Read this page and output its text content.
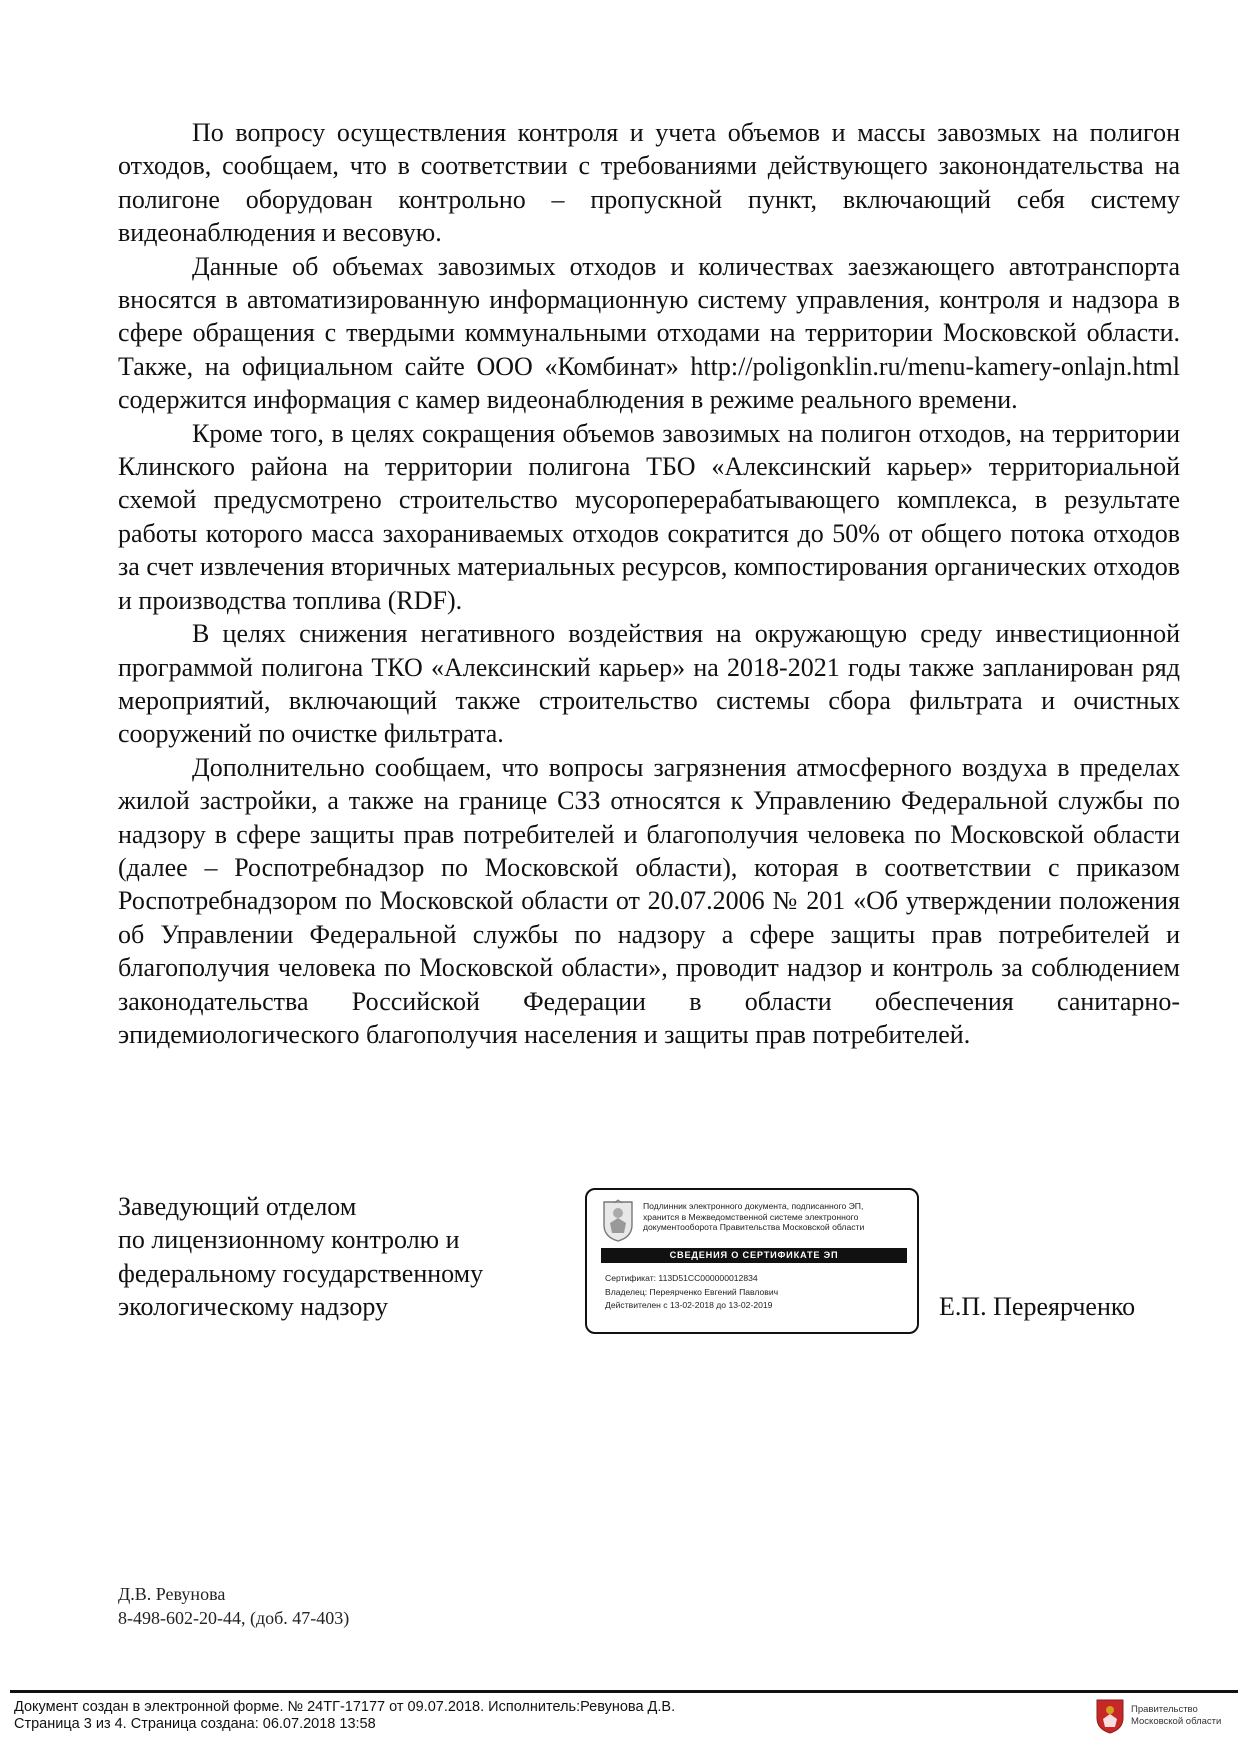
По вопросу осуществления контроля и учета объемов и массы завозмых на полигон отходов, сообщаем, что в соответствии с требованиями действующего законондательства на полигоне оборудован контрольно – пропускной пункт, включающий себя систему видеонаблюдения и весовую.

Данные об объемах завозимых отходов и количествах заезжающего автотранспорта вносятся в автоматизированную информационную систему управления, контроля и надзора в сфере обращения с твердыми коммунальными отходами на территории Московской области. Также, на официальном сайте ООО «Комбинат» http://poligonklin.ru/menu-kamery-onlajn.html содержится информация с камер видеонаблюдения в режиме реального времени.

Кроме того, в целях сокращения объемов завозимых на полигон отходов, на территории Клинского района на территории полигона ТБО «Алексинский карьер» территориальной схемой предусмотрено строительство мусороперерабатывающего комплекса, в результате работы которого масса захораниваемых отходов сократится до 50% от общего потока отходов за счет извлечения вторичных материальных ресурсов, компостирования органических отходов и производства топлива (RDF).

В целях снижения негативного воздействия на окружающую среду инвестиционной программой полигона ТКО «Алексинский карьер» на 2018-2021 годы также запланирован ряд мероприятий, включающий также строительство системы сбора фильтрата и очистных сооружений по очистке фильтрата.

Дополнительно сообщаем, что вопросы загрязнения атмосферного воздуха в пределах жилой застройки, а также на границе СЗЗ относятся к Управлению Федеральной службы по надзору в сфере защиты прав потребителей и благополучия человека по Московской области (далее – Роспотребнадзор по Московской области), которая в соответствии с приказом Роспотребнадзором по Московской области от 20.07.2006 № 201 «Об утверждении положения об Управлении Федеральной службы по надзору а сфере защиты прав потребителей и благополучия человека по Московской области», проводит надзор и контроль за соблюдением законодательства Российской Федерации в области обеспечения санитарно-эпидемиологического благополучия населения и защиты прав потребителей.

Заведующий отделом
по лицензионному контролю и
федеральному государственному
экологическому надзору
Подлинник электронного документа, подписанного ЭП,
хранится в Межведомственной системе электронного
документооборота Правительства Московской области
СВЕДЕНИЯ О СЕРТИФИКАТЕ ЭП
Сертификат: 113D51CC000000012834
Владелец: Переярченко Евгений Павлович
Действителен с 13-02-2018 до 13-02-2019	Е.П. Переярченко
Д.В. Ревунова
8-498-602-20-44, (доб. 47-403)
Документ создан в электронной форме. № 24ТГ-17177 от 09.07.2018. Исполнитель:Ревунова Д.В.
Страница 3 из 4. Страница создана: 06.07.2018 13:58
Правительство
Московской области
